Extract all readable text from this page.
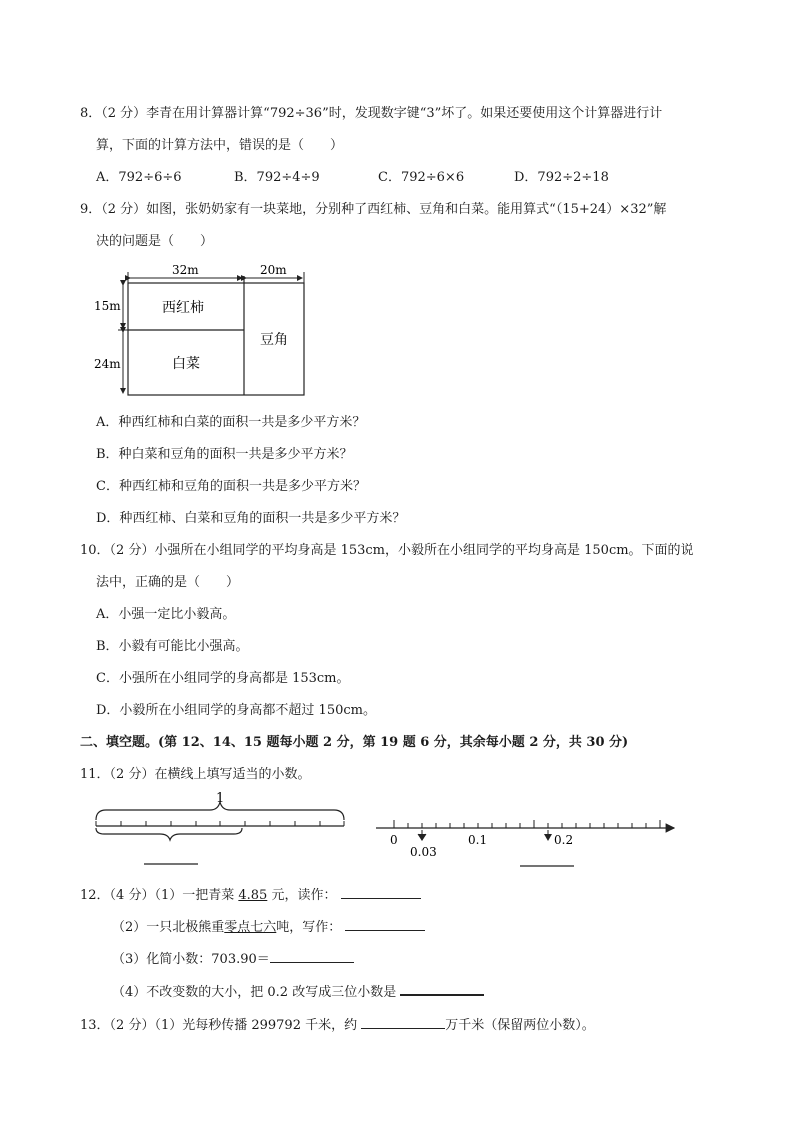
8．（2 分）李青在用计算器计算“792÷36”时，发现数字键“3”坏了。如果还要使用这个计算器进行计
算，下面的计算方法中，错误的是（　　）
A．792÷6÷6	B．792÷4÷9	C．792÷6×6	D．792÷2÷18
9．（2 分）如图，张奶奶家有一块菜地，分别种了西红柿、豆角和白菜。能用算式“（15+24）×32”解
决的问题是（　　）
32m	20m
15m
24m
西红柿
白菜
豆角
A．种西红柿和白菜的面积一共是多少平方米？
B．种白菜和豆角的面积一共是多少平方米？
C．种西红柿和豆角的面积一共是多少平方米？
D．种西红柿、白菜和豆角的面积一共是多少平方米？
10．（2 分）小强所在小组同学的平均身高是 153cm，小毅所在小组同学的平均身高是 150cm。下面的说
法中，正确的是（　　）
A．小强一定比小毅高。
B．小毅有可能比小强高。
C．小强所在小组同学的身高都是 153cm。
D．小毅所在小组同学的身高都不超过 150cm。
二、填空题。(第 12、14、15 题每小题 2 分，第 19 题 6 分，其余每小题 2 分，共 30 分)
11．（2 分）在横线上填写适当的小数。
1
0	0.1	0.2
0.03
12．（4 分）（1）一把青菜 4.85 元，读作：
（2）一只北极熊重零点七六吨，写作：
（3）化简小数：703.90＝
（4）不改变数的大小，把 0.2 改写成三位小数是
13．（2 分）（1）光每秒传播 299792 千米，约	万千米（保留两位小数）。
